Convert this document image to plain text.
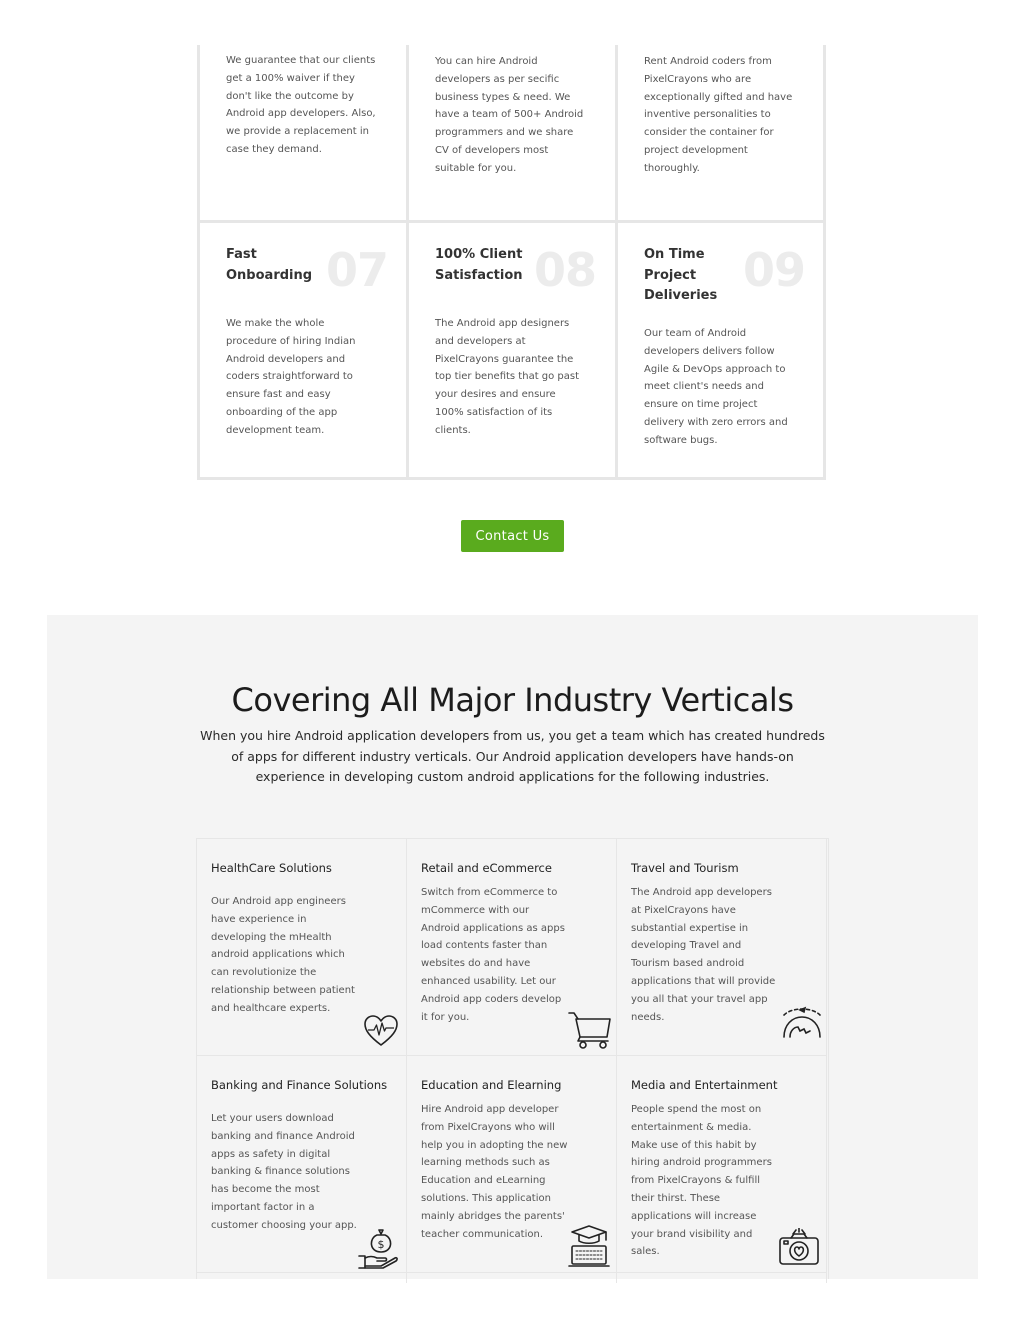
We guarantee that our clients get a 100% waiver if they don't like the outcome by Android app developers. Also, we provide a replacement in case they demand.
You can hire Android developers as per secific business types & need. We have a team of 500+ Android programmers and we share CV of developers most suitable for you.
Rent Android coders from PixelCrayons who are exceptionally gifted and have inventive personalities to consider the container for project development thoroughly.
Fast Onboarding 07
We make the whole procedure of hiring Indian Android developers and coders straightforward to ensure fast and easy onboarding of the app development team.
100% Client Satisfaction 08
The Android app designers and developers at PixelCrayons guarantee the top tier benefits that go past your desires and ensure 100% satisfaction of its clients.
On Time Project Deliveries 09
Our team of Android developers delivers follow Agile & DevOps approach to meet client's needs and ensure on time project delivery with zero errors and software bugs.
Contact Us
Covering All Major Industry Verticals

When you hire Android application developers from us, you get a team which has created hundreds of apps for different industry verticals. Our Android application developers have hands-on experience in developing custom android applications for the following industries.

HealthCare Solutions
Our Android app engineers have experience in developing the mHealth android applications which can revolutionize the relationship between patient and healthcare experts.
Retail and eCommerce
Switch from eCommerce to mCommerce with our Android applications as apps load contents faster than websites do and have enhanced usability. Let our Android app coders develop it for you.
Travel and Tourism
The Android app developers at PixelCrayons have substantial expertise in developing Travel and Tourism based android applications that will provide you all that your travel app needs.
Banking and Finance Solutions
Let your users download banking and finance Android apps as safety in digital banking & finance solutions has become the most important factor in a customer choosing your app.
$
Education and Elearning
Hire Android app developer from PixelCrayons who will help you in adopting the new learning methods such as Education and eLearning solutions. This application mainly abridges the parents' teacher communication.
Media and Entertainment
People spend the most on entertainment & media. Make use of this habit by hiring android programmers from PixelCrayons & fulfill their thirst. These applications will increase your brand visibility and sales.
